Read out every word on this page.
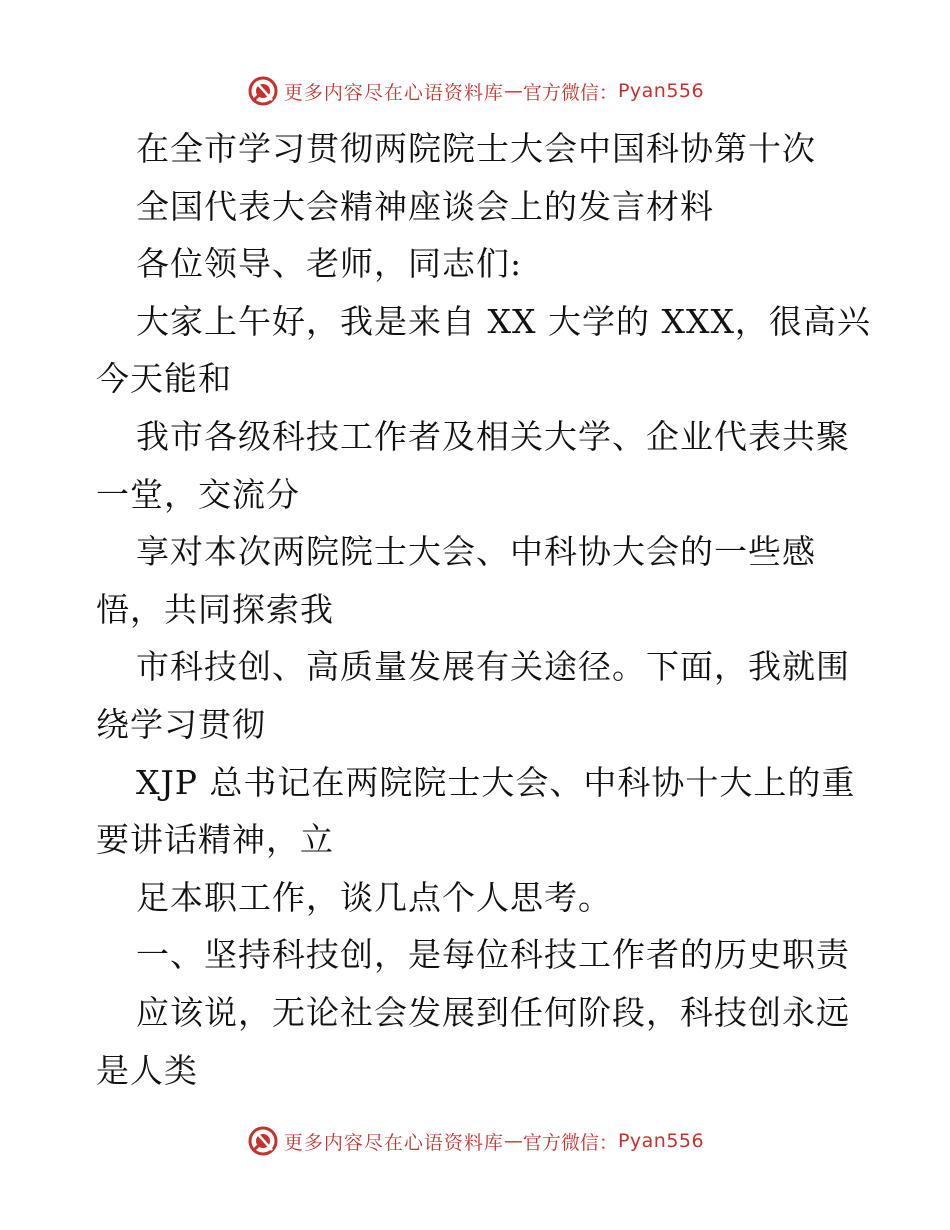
更多内容尽在心语资料库 — 官方微信： Pyan556
在全市学习贯彻两院院士大会中国科协第十次
全国代表大会精神座谈会上的发言材料
各位领导、老师，同志们:
大家上午好，我是来自 XX 大学的 XXX，很高兴
今天能和
我市各级科技工作者及相关大学、企业代表共聚
一堂，交流分
享对本次两院院士大会、中科协大会的一些感
悟，共同探索我
市科技创、高质量发展有关途径。下面，我就围
绕学习贯彻
XJP 总书记在两院院士大会、中科协十大上的重
要讲话精神，立
足本职工作，谈几点个人思考。
一、坚持科技创，是每位科技工作者的历史职责
应该说，无论社会发展到任何阶段，科技创永远
是人类
更多内容尽在心语资料库 — 官方微信： Pyan556
